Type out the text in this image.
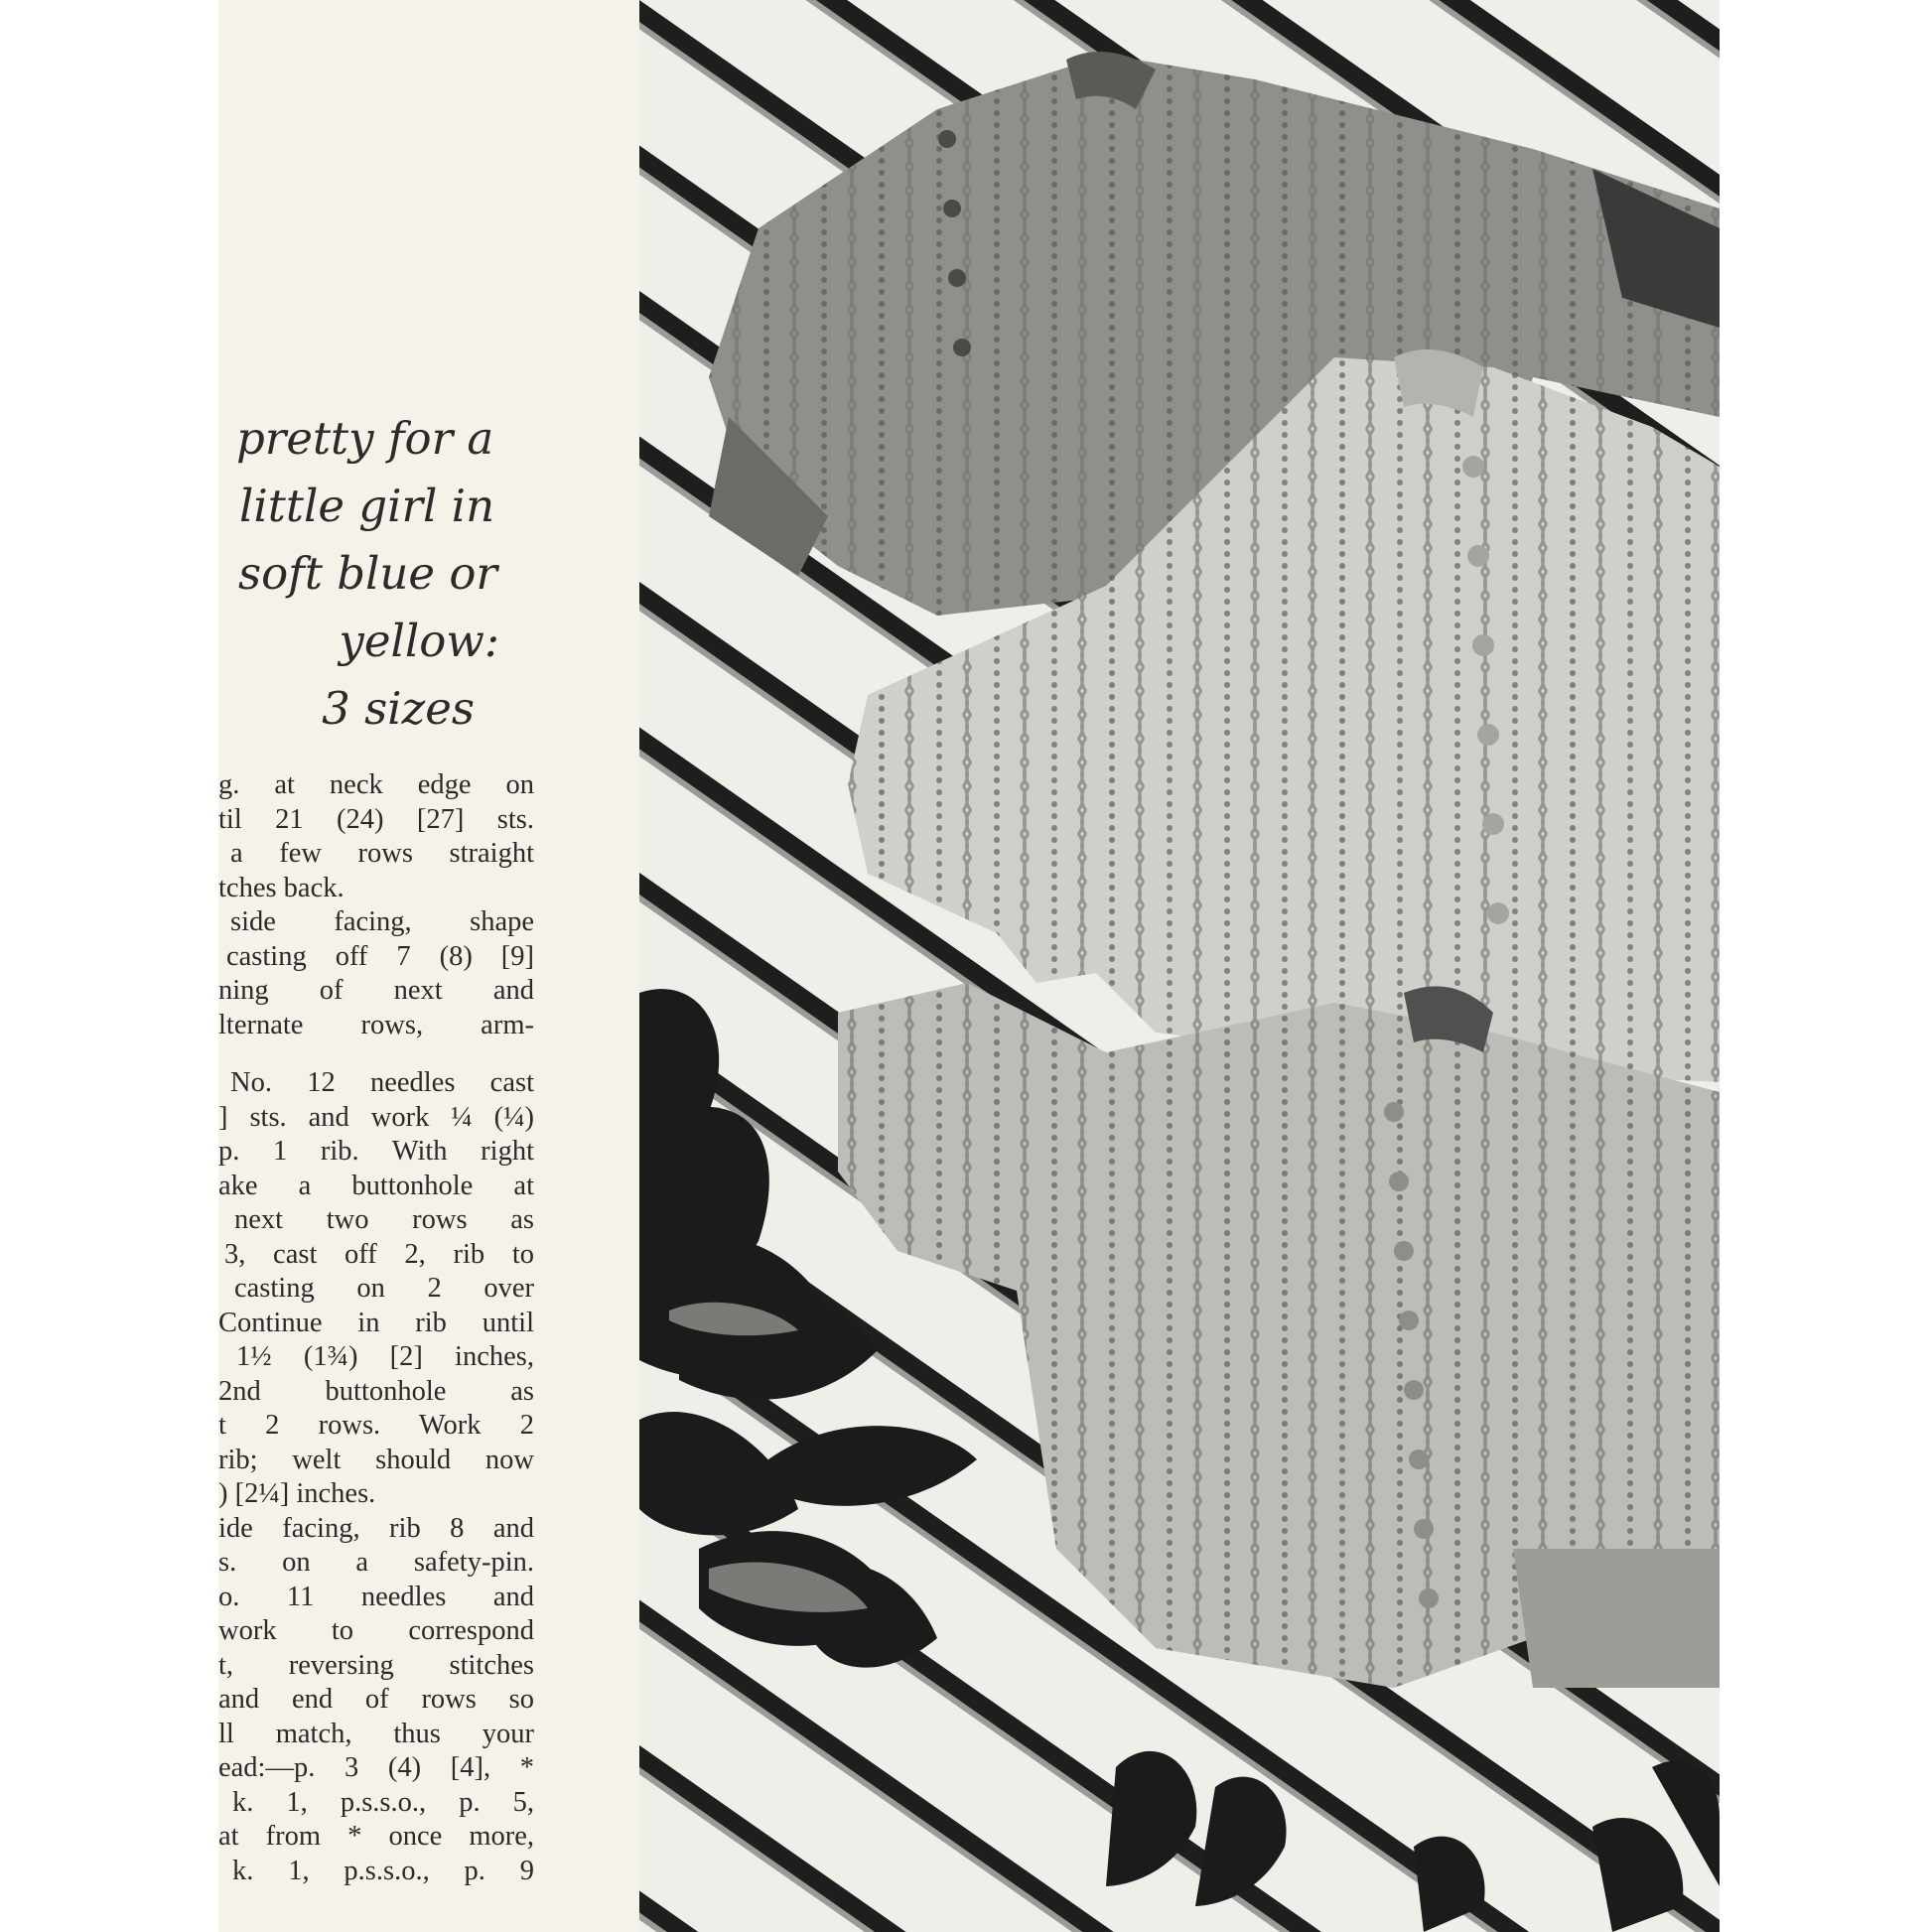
pretty for a
little girl in
soft blue or
yellow:
3 sizes
g. at neck edge on
til 21 (24) [27] sts.
a few rows straight
tches back.
side facing, shape
casting off 7 (8) [9]
ning of next and
lternate rows, arm-
No. 12 needles cast
] sts. and work ¼ (¼)
p. 1 rib. With right
ake a buttonhole at
next two rows as
3, cast off 2, rib to
casting on 2 over
Continue in rib until
1½ (1¾) [2] inches,
2nd buttonhole as
t 2 rows. Work 2
rib; welt should now
) [2¼] inches.
ide facing, rib 8 and
s. on a safety-pin.
o. 11 needles and
work to correspond
t, reversing stitches
and end of rows so
ll match, thus your
ead:—p. 3 (4) [4], *
k. 1, p.s.s.o., p. 5,
at from * once more,
k. 1, p.s.s.o., p. 9
